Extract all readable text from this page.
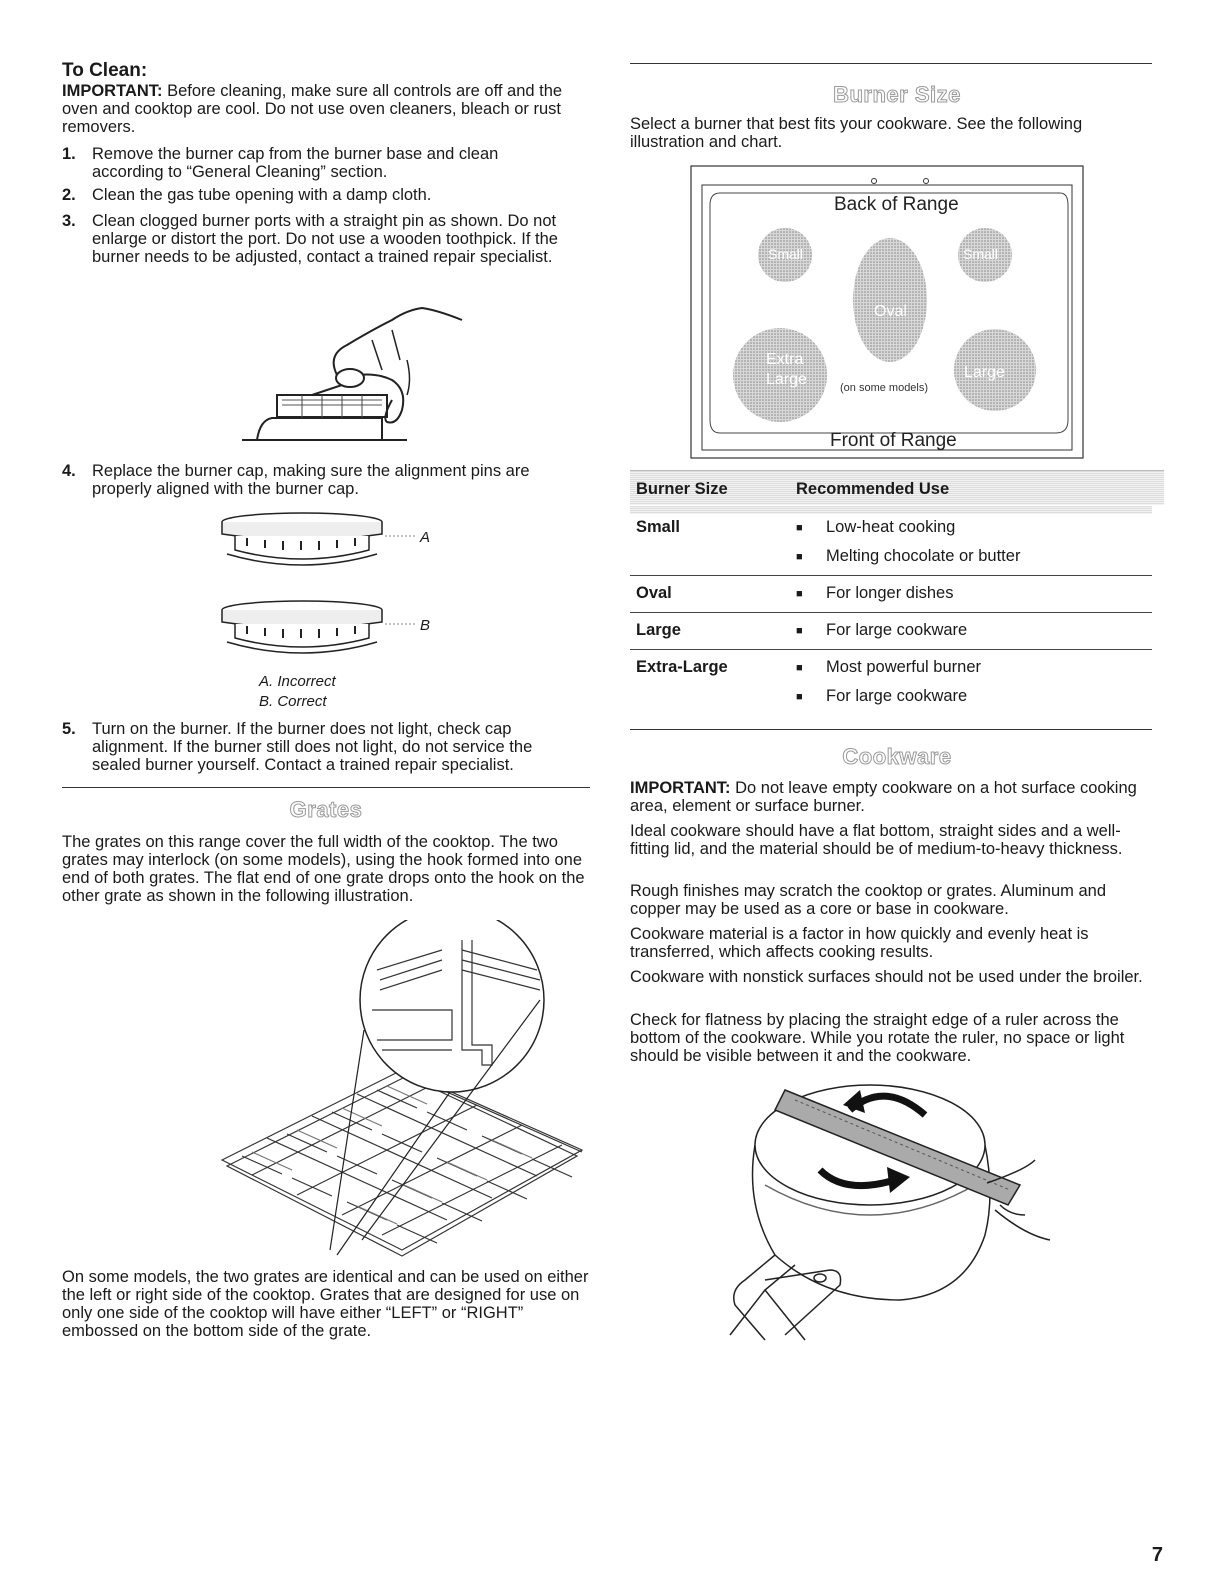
To Clean:

IMPORTANT: Before cleaning, make sure all controls are off and the oven and cooktop are cool. Do not use oven cleaners, bleach or rust removers.

1. Remove the burner cap from the burner base and clean according to “General Cleaning” section.
2. Clean the gas tube opening with a damp cloth.
3. Clean clogged burner ports with a straight pin as shown. Do not enlarge or distort the port. Do not use a wooden toothpick. If the burner needs to be adjusted, contact a trained repair specialist.
4. Replace the burner cap, making sure the alignment pins are properly aligned with the burner cap.
A
B
A. Incorrect
B. Correct
5. Turn on the burner. If the burner does not light, check cap alignment. If the burner still does not light, do not service the sealed burner yourself. Contact a trained repair specialist.
Grates

The grates on this range cover the full width of the cooktop. The two grates may interlock (on some models), using the hook formed into one end of both grates. The flat end of one grate drops onto the hook on the other grate as shown in the following illustration.

On some models, the two grates are identical and can be used on either the left or right side of the cooktop. Grates that are designed for use on only one side of the cooktop will have either “LEFT” or “RIGHT” embossed on the bottom side of the grate.

Burner Size

Select a burner that best fits your cookware. See the following illustration and chart.

Back of Range
Front of Range
Small	Small
Oval
Extra
Large	Large
(on some models)
Burner Size	Recommended Use
Small	■ Low-heat cooking
■ Melting chocolate or butter
Oval	■ For longer dishes
Large	■ For large cookware
Extra-Large	■ Most powerful burner
■ For large cookware
Cookware

IMPORTANT: Do not leave empty cookware on a hot surface cooking area, element or surface burner.

Ideal cookware should have a flat bottom, straight sides and a well-fitting lid, and the material should be of medium-to-heavy thickness.

Rough finishes may scratch the cooktop or grates. Aluminum and copper may be used as a core or base in cookware.

Cookware material is a factor in how quickly and evenly heat is transferred, which affects cooking results.

Cookware with nonstick surfaces should not be used under the broiler.

Check for flatness by placing the straight edge of a ruler across the bottom of the cookware. While you rotate the ruler, no space or light should be visible between it and the cookware.

7
